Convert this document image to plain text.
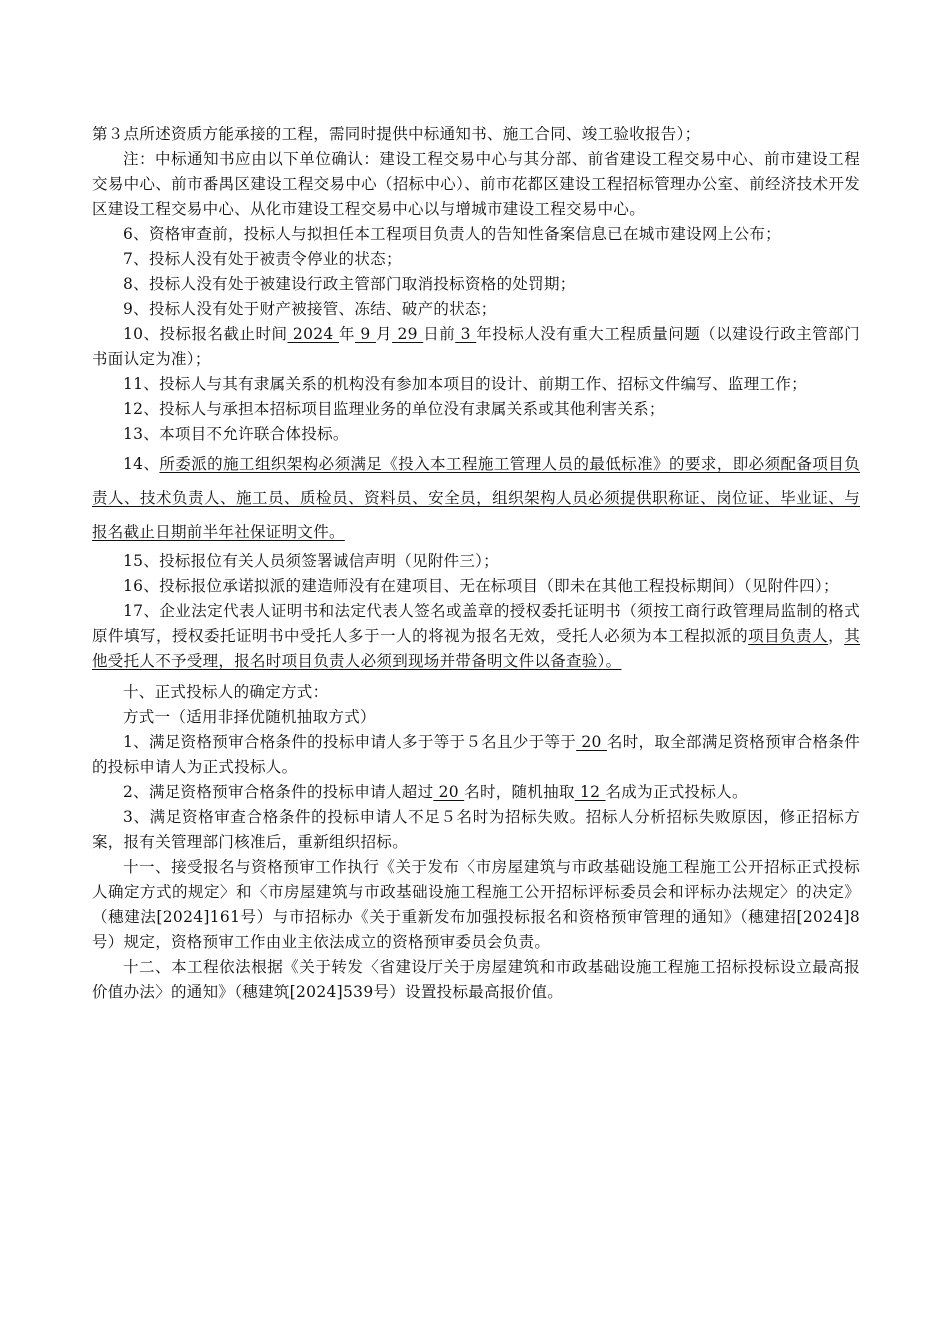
第３点所述资质方能承接的工程，需同时提供中标通知书、施工合同、竣工验收报告）；

注：中标通知书应由以下单位确认：建设工程交易中心与其分部、前省建设工程交易中心、前市建设工程交易中心、前市番禺区建设工程交易中心（招标中心）、前市花都区建设工程招标管理办公室、前经济技术开发区建设工程交易中心、从化市建设工程交易中心以与增城市建设工程交易中心。

6、资格审查前，投标人与拟担任本工程项目负责人的告知性备案信息已在城市建设网上公布；

7、投标人没有处于被责令停业的状态；

8、投标人没有处于被建设行政主管部门取消投标资格的处罚期；

9、投标人没有处于财产被接管、冻结、破产的状态；

10、投标报名截止时间 2024 年 9 月 29 日前 3 年投标人没有重大工程质量问题（以建设行政主管部门书面认定为准）；

11、投标人与其有隶属关系的机构没有参加本项目的设计、前期工作、招标文件编写、监理工作；

12、投标人与承担本招标项目监理业务的单位没有隶属关系或其他利害关系；

13、本项目不允许联合体投标。

14、所委派的施工组织架构必须满足《投入本工程施工管理人员的最低标准》的要求，即必须配备项目负责人、技术负责人、施工员、质检员、资料员、安全员，组织架构人员必须提供职称证、岗位证、毕业证、与报名截止日期前半年社保证明文件。

15、投标报位有关人员须签署诚信声明（见附件三）；

16、投标报位承诺拟派的建造师没有在建项目、无在标项目（即未在其他工程投标期间）（见附件四）；

17、企业法定代表人证明书和法定代表人签名或盖章的授权委托证明书（须按工商行政管理局监制的格式原件填写，授权委托证明书中受托人多于一人的将视为报名无效，受托人必须为本工程拟派的项目负责人，其他受托人不予受理，报名时项目负责人必须到现场并带备明文件以备查验）。

十、正式投标人的确定方式：

方式一（适用非择优随机抽取方式）

1、满足资格预审合格条件的投标申请人多于等于５名且少于等于 20 名时，取全部满足资格预审合格条件的投标申请人为正式投标人。

2、满足资格预审合格条件的投标申请人超过 20 名时，随机抽取 12 名成为正式投标人。

3、满足资格审查合格条件的投标申请人不足５名时为招标失败。招标人分析招标失败原因，修正招标方案，报有关管理部门核准后，重新组织招标。

十一、接受报名与资格预审工作执行《关于发布〈市房屋建筑与市政基础设施工程施工公开招标正式投标人确定方式的规定〉和〈市房屋建筑与市政基础设施工程施工公开招标评标委员会和评标办法规定〉的决定》（穗建法[2024]161号）与市招标办《关于重新发布加强投标报名和资格预审管理的通知》（穗建招[2024]8号）规定，资格预审工作由业主依法成立的资格预审委员会负责。

十二、本工程依法根据《关于转发〈省建设厅关于房屋建筑和市政基础设施工程施工招标投标设立最高报价值办法〉的通知》（穗建筑[2024]539号）设置投标最高报价值。
